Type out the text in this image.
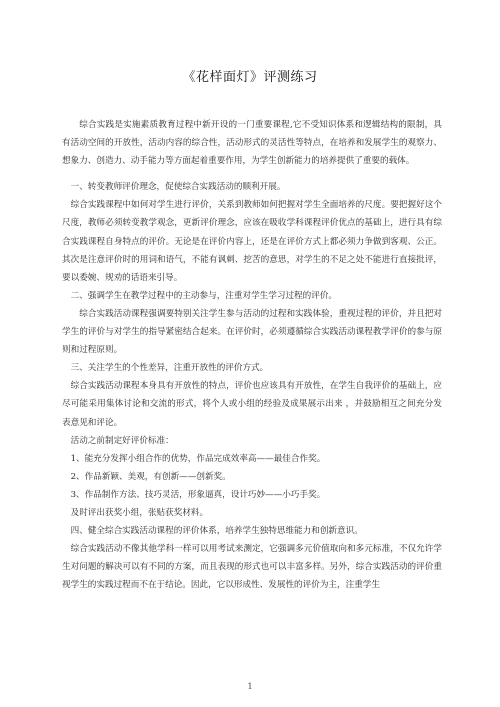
《花样面灯》评测练习

综合实践是实施素质教育过程中新开设的一门重要课程,它不受知识体系和逻辑结构的限制，具有活动空间的开放性，活动内容的综合性，活动形式的灵活性等特点，在培养和发展学生的观察力、想象力、创造力、动手能力等方面起着重要作用，为学生创新能力的培养提供了重要的载体。

一、转变教师评价理念，促使综合实践活动的顺利开展。

综合实践课程中如何对学生进行评价，关系到教师如何把握对学生全面培养的尺度。要把握好这个尺度，教师必须转变教学观念，更新评价理念，应该在吸收学科课程评价优点的基础上，进行具有综合实践课程自身特点的评价。无论是在评价内容上，还是在评价方式上都必须力争做到客观、公正。 其次是注意评价时的用词和语气，不能有讽刺、挖苦的意思，对学生的不足之处不能进行直接批评，要以委婉、规劝的话语来引导。

二、强调学生在教学过程中的主动参与，注重对学生学习过程的评价。

综合实践活动课程强调要特别关注学生参与活动的过程和实践体验，重视过程的评价，并且把对学生的评价与对学生的指导紧密结合起来。在评价时，必须遵循综合实践活动课程教学评价的参与原则和过程原则。

三、关注学生的个性差异，注重开放性的评价方式。

综合实践活动课程本身具有开放性的特点，评价也应该具有开放性，在学生自我评价的基础上，应尽可能采用集体讨论和交流的形式，将个人或小组的经验及成果展示出来 ，并鼓励相互之间充分发表意见和评论。

活动之前制定好评价标准：

1、能充分发挥小组合作的优势，作品完成效率高——最佳合作奖。

2、作品新颖、美观，有创新——创新奖。

3、作品制作方法、技巧灵活，形象逼真，设计巧妙——小巧手奖。

及时评出获奖小组，张贴获奖材料。

四、健全综合实践活动课程的评价体系，培养学生独特思维能力和创新意识。

综合实践活动不像其他学科一样可以用考试来测定，它强调多元价值取向和多元标准，不仅允许学生对问题的解决可以有不同的方案，而且表现的形式也可以丰富多样。另外，综合实践活动的评价重视学生的实践过程而不在于结论。因此，它以形成性、发展性的评价为主，注重学生

1
